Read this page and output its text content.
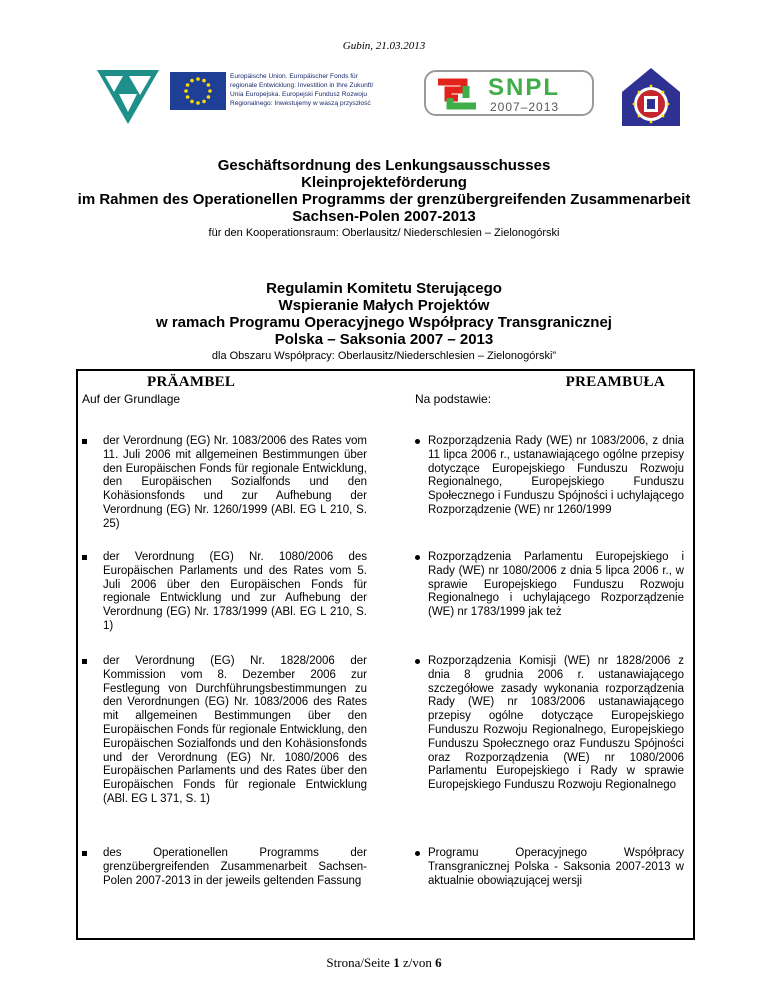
Gubin, 21.03.2013
Europäische Union. Europäischer Fonds für
regionale Entwicklung: Investition in Ihre Zukunft/
Unia Europejska. Europejski Fundusz Rozwoju
Regionalnego: Inwestujemy w waszą przyszłość
SNPL
2007–2013
Geschäftsordnung des Lenkungsausschusses
Kleinprojekteförderung
im Rahmen des Operationellen Programms der grenzübergreifenden Zusammenarbeit
Sachsen-Polen 2007-2013
für den Kooperationsraum: Oberlausitz/ Niederschlesien – Zielonogórski
Regulamin Komitetu Sterującego
Wspieranie Małych Projektów
w ramach Programu Operacyjnego Współpracy Transgranicznej
Polska – Saksonia 2007 – 2013
dla Obszaru Współpracy: Oberlausitz/Niederschlesien – Zielonogórski”
PRÄAMBEL
Auf der Grundlage
der Verordnung (EG) Nr. 1083/2006 des Rates vom 11. Juli 2006 mit allgemeinen Bestimmungen über den Europäischen Fonds für regionale Entwicklung, den Europäischen Sozialfonds und den Kohäsionsfonds und zur Aufhebung der Verordnung (EG) Nr. 1260/1999 (ABl. EG L 210, S. 25)
der Verordnung (EG) Nr. 1080/2006 des Europäischen Parlaments und des Rates vom 5. Juli 2006 über den Europäischen Fonds für regionale Entwicklung und zur Aufhebung der Verordnung (EG) Nr. 1783/1999 (ABl. EG L 210, S. 1)
der Verordnung (EG) Nr. 1828/2006 der Kommission vom 8. Dezember 2006 zur Festlegung von Durchführungsbestimmungen zu den Verordnungen (EG) Nr. 1083/2006 des Rates mit allgemeinen Bestimmungen über den Europäischen Fonds für regionale Entwicklung, den Europäischen Sozialfonds und den Kohäsionsfonds und der Verordnung (EG) Nr. 1080/2006 des Europäischen Parlaments und des Rates über den Europäischen Fonds für regionale Entwicklung (ABl. EG L 371, S. 1)
des Operationellen Programms der grenzübergreifenden Zusammenarbeit Sachsen-Polen 2007-2013 in der jeweils geltenden Fassung
PREAMBUŁA
Na podstawie:
Rozporządzenia Rady (WE) nr 1083/2006, z dnia 11 lipca 2006 r., ustanawiającego ogólne przepisy dotyczące Europejskiego Funduszu Rozwoju Regionalnego, Europejskiego Funduszu Społecznego i Funduszu Spójności i uchylającego Rozporządzenie (WE) nr 1260/1999
Rozporządzenia Parlamentu Europejskiego i Rady (WE) nr 1080/2006 z dnia 5 lipca 2006 r., w sprawie Europejskiego Funduszu Rozwoju Regionalnego i uchylającego Rozporządzenie (WE) nr 1783/1999 jak też
Rozporządzenia Komisji (WE) nr 1828/2006 z dnia 8 grudnia 2006 r. ustanawiającego szczegółowe zasady wykonania rozporządzenia Rady (WE) nr 1083/2006 ustanawiającego przepisy ogólne dotyczące Europejskiego Funduszu Rozwoju Regionalnego, Europejskiego Funduszu Społecznego oraz Funduszu Spójności oraz Rozporządzenia (WE) nr 1080/2006 Parlamentu Europejskiego i Rady w sprawie Europejskiego Funduszu Rozwoju Regionalnego
Programu Operacyjnego Współpracy Transgranicznej Polska - Saksonia 2007-2013 w aktualnie obowiązującej wersji
Strona/Seite 1 z/von 6
